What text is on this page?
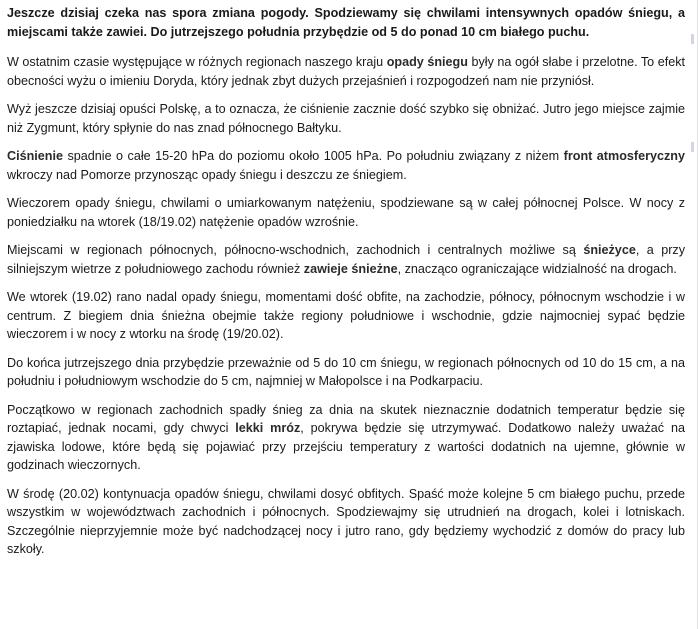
Jeszcze dzisiaj czeka nas spora zmiana pogody. Spodziewamy się chwilami intensywnych opadów śniegu, a miejscami także zawiei. Do jutrzejszego południa przybędzie od 5 do ponad 10 cm białego puchu.

W ostatnim czasie występujące w różnych regionach naszego kraju opady śniegu były na ogół słabe i przelotne. To efekt obecności wyżu o imieniu Doryda, który jednak zbyt dużych przejaśnień i rozpogodzeń nam nie przyniósł.

Wyż jeszcze dzisiaj opuści Polskę, a to oznacza, że ciśnienie zacznie dość szybko się obniżać. Jutro jego miejsce zajmie niż Zygmunt, który spłynie do nas znad północnego Bałtyku.

Ciśnienie spadnie o całe 15-20 hPa do poziomu około 1005 hPa. Po południu związany z niżem front atmosferyczny wkroczy nad Pomorze przynosząc opady śniegu i deszczu ze śniegiem.

Wieczorem opady śniegu, chwilami o umiarkowanym natężeniu, spodziewane są w całej północnej Polsce. W nocy z poniedziałku na wtorek (18/19.02) natężenie opadów wzrośnie.

Miejscami w regionach północnych, północno-wschodnich, zachodnich i centralnych możliwe są śnieżyce, a przy silniejszym wietrze z południowego zachodu również zawieje śnieżne, znacząco ograniczające widzialność na drogach.

We wtorek (19.02) rano nadal opady śniegu, momentami dość obfite, na zachodzie, północy, północnym wschodzie i w centrum. Z biegiem dnia śnieżna obejmie także regiony południowe i wschodnie, gdzie najmocniej sypać będzie wieczorem i w nocy z wtorku na środę (19/20.02).

Do końca jutrzejszego dnia przybędzie przeważnie od 5 do 10 cm śniegu, w regionach północnych od 10 do 15 cm, a na południu i południowym wschodzie do 5 cm, najmniej w Małopolsce i na Podkarpaciu.

Początkowo w regionach zachodnich spadły śnieg za dnia na skutek nieznacznie dodatnich temperatur będzie się roztapiać, jednak nocami, gdy chwyci lekki mróz, pokrywa będzie się utrzymywać. Dodatkowo należy uważać na zjawiska lodowe, które będą się pojawiać przy przejściu temperatury z wartości dodatnich na ujemne, głównie w godzinach wieczornych.

W środę (20.02) kontynuacja opadów śniegu, chwilami dosyć obfitych. Spaść może kolejne 5 cm białego puchu, przede wszystkim w województwach zachodnich i północnych. Spodziewajmy się utrudnień na drogach, kolei i lotniskach. Szczególnie nieprzyjemnie może być nadchodzącej nocy i jutro rano, gdy będziemy wychodzić z domów do pracy lub szkoły.
